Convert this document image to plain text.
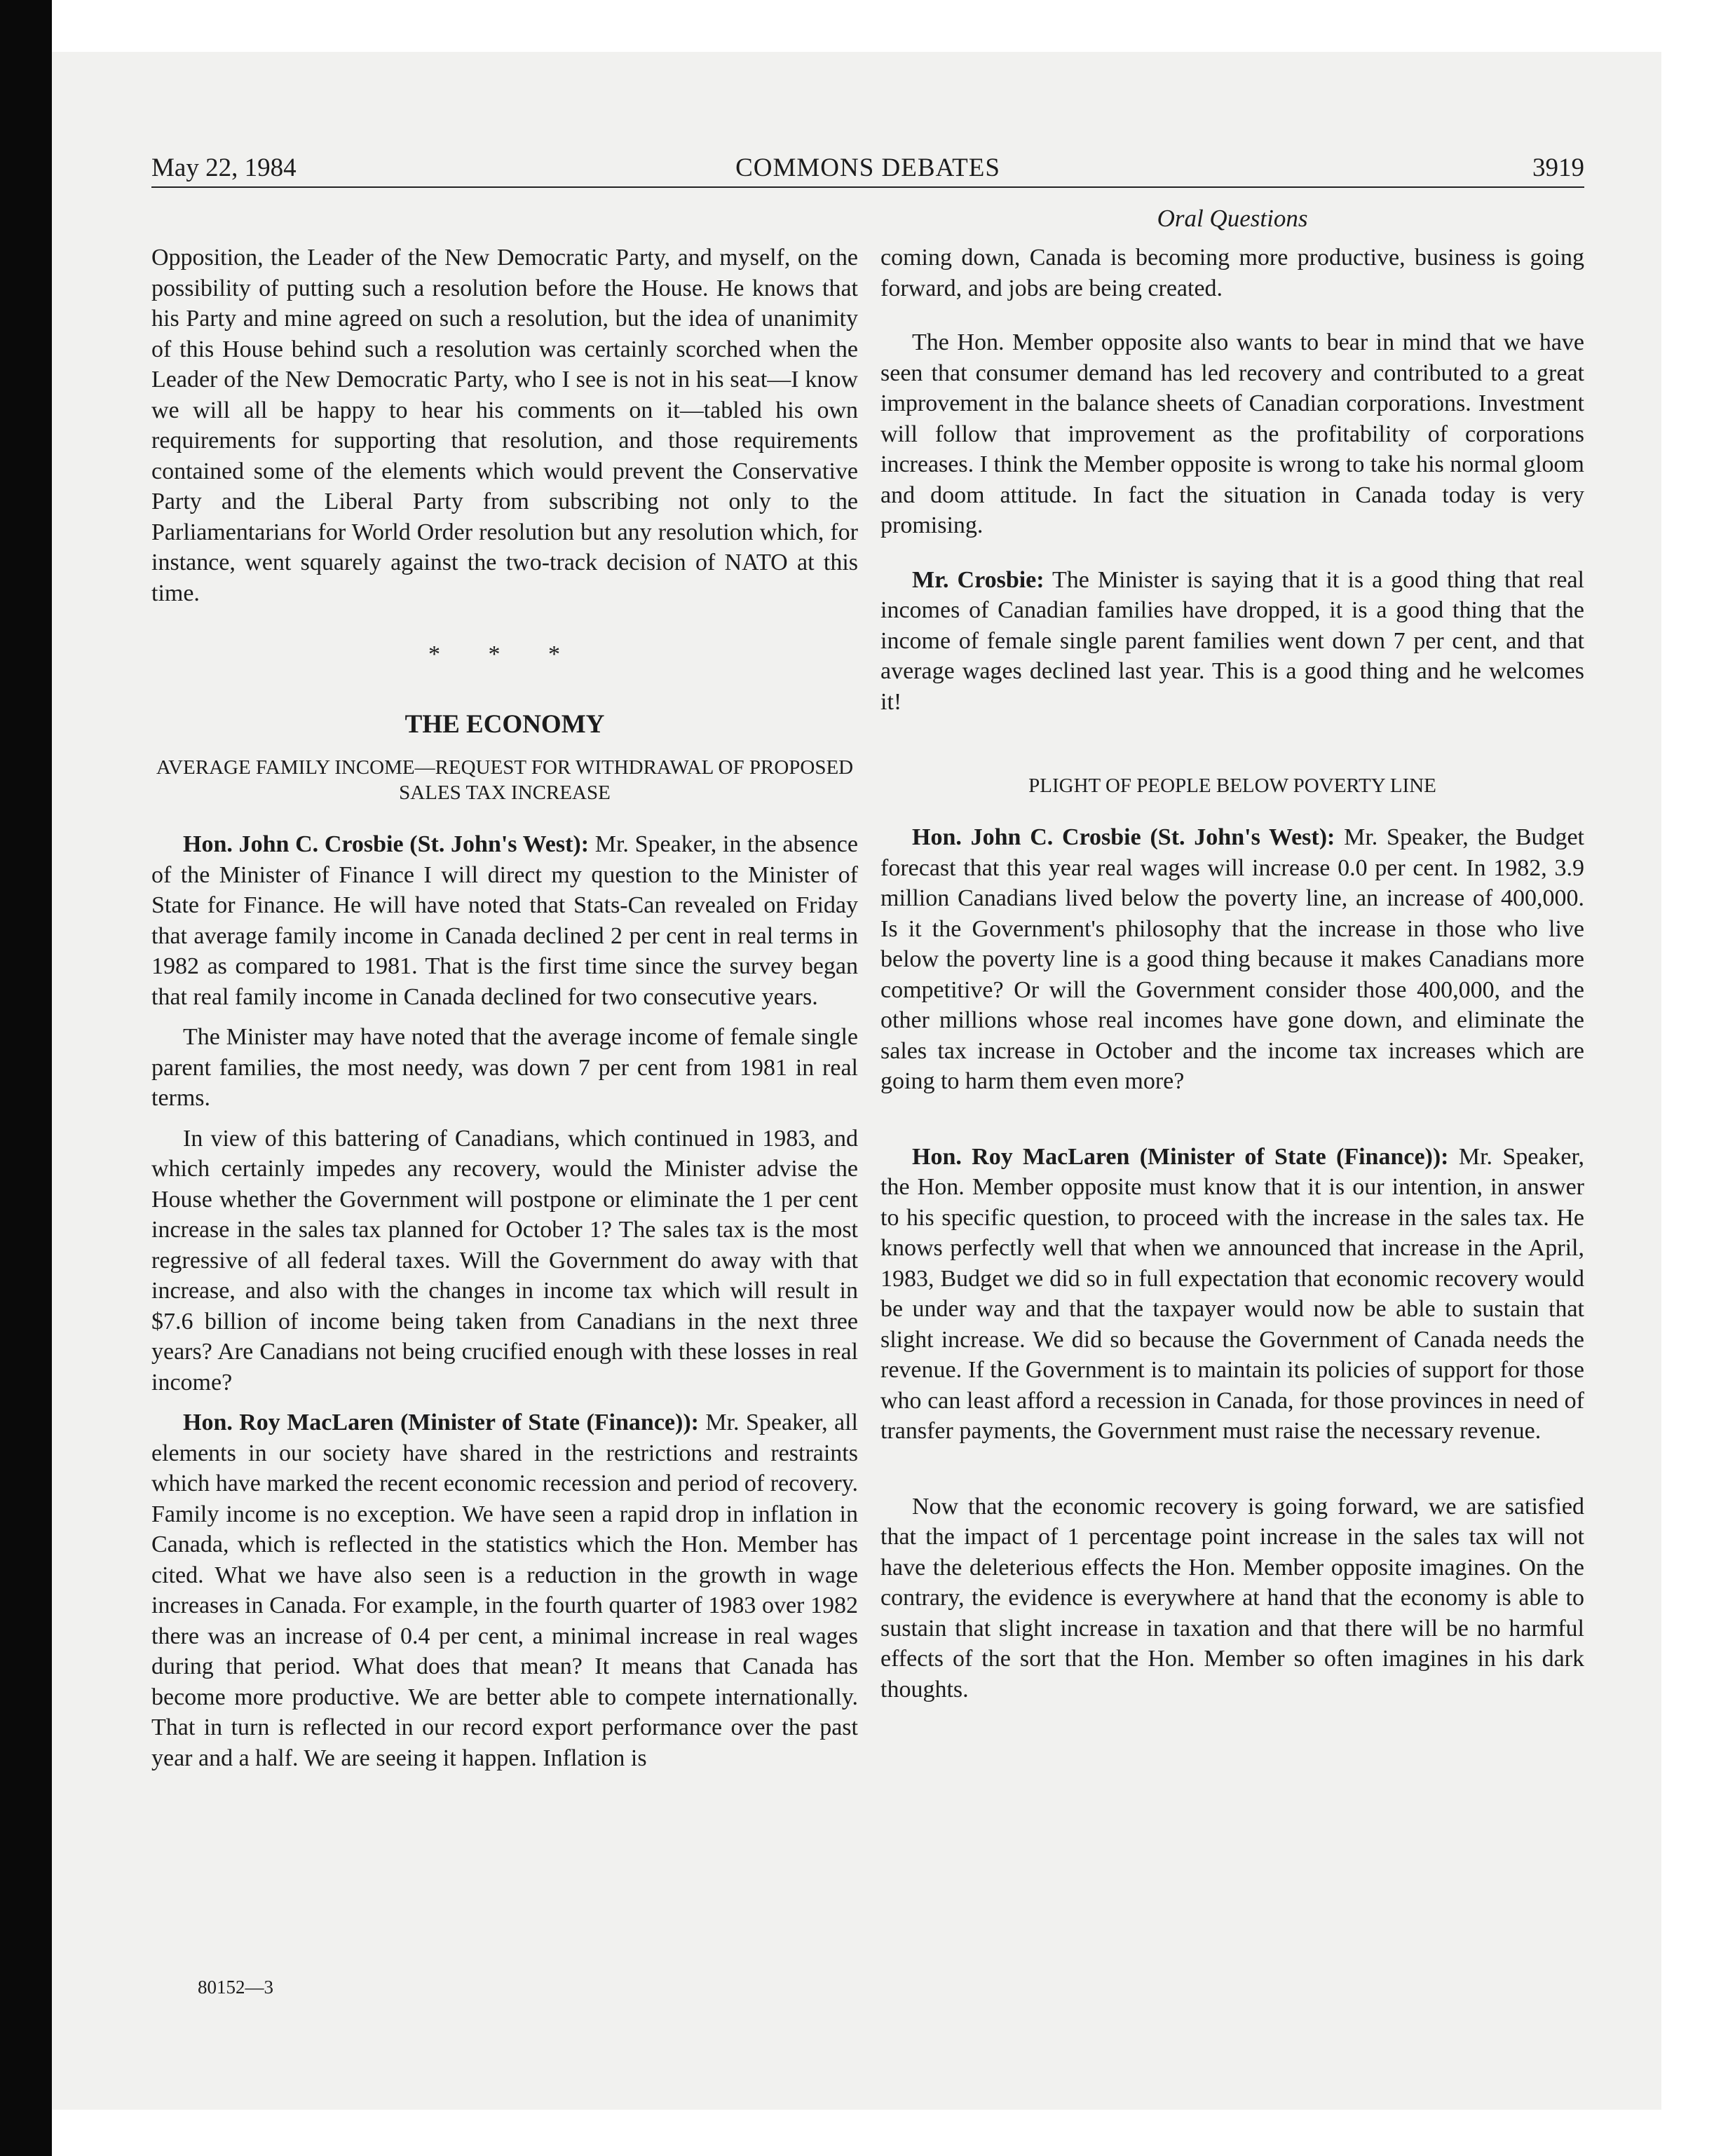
May 22, 1984	COMMONS DEBATES	3919
Oral Questions

Opposition, the Leader of the New Democratic Party, and myself, on the possibility of putting such a resolution before the House. He knows that his Party and mine agreed on such a resolution, but the idea of unanimity of this House behind such a resolution was certainly scorched when the Leader of the New Democratic Party, who I see is not in his seat—I know we will all be happy to hear his comments on it—tabled his own requirements for supporting that resolution, and those requirements contained some of the elements which would prevent the Conservative Party and the Liberal Party from subscribing not only to the Parliamentarians for World Order resolution but any resolution which, for instance, went squarely against the two-track decision of NATO at this time.

* * *

THE ECONOMY

AVERAGE FAMILY INCOME—REQUEST FOR WITHDRAWAL OF PROPOSED SALES TAX INCREASE

Hon. John C. Crosbie (St. John's West): Mr. Speaker, in the absence of the Minister of Finance I will direct my question to the Minister of State for Finance. He will have noted that Stats-Can revealed on Friday that average family income in Canada declined 2 per cent in real terms in 1982 as compared to 1981. That is the first time since the survey began that real family income in Canada declined for two consecutive years.

The Minister may have noted that the average income of female single parent families, the most needy, was down 7 per cent from 1981 in real terms.

In view of this battering of Canadians, which continued in 1983, and which certainly impedes any recovery, would the Minister advise the House whether the Government will postpone or eliminate the 1 per cent increase in the sales tax planned for October 1? The sales tax is the most regressive of all federal taxes. Will the Government do away with that increase, and also with the changes in income tax which will result in $7.6 billion of income being taken from Canadians in the next three years? Are Canadians not being crucified enough with these losses in real income?

Hon. Roy MacLaren (Minister of State (Finance)): Mr. Speaker, all elements in our society have shared in the restrictions and restraints which have marked the recent economic recession and period of recovery. Family income is no exception. We have seen a rapid drop in inflation in Canada, which is reflected in the statistics which the Hon. Member has cited. What we have also seen is a reduction in the growth in wage increases in Canada. For example, in the fourth quarter of 1983 over 1982 there was an increase of 0.4 per cent, a minimal increase in real wages during that period. What does that mean? It means that Canada has become more productive. We are better able to compete internationally. That in turn is reflected in our record export performance over the past year and a half. We are seeing it happen. Inflation is

coming down, Canada is becoming more productive, business is going forward, and jobs are being created.

The Hon. Member opposite also wants to bear in mind that we have seen that consumer demand has led recovery and contributed to a great improvement in the balance sheets of Canadian corporations. Investment will follow that improvement as the profitability of corporations increases. I think the Member opposite is wrong to take his normal gloom and doom attitude. In fact the situation in Canada today is very promising.

Mr. Crosbie: The Minister is saying that it is a good thing that real incomes of Canadian families have dropped, it is a good thing that the income of female single parent families went down 7 per cent, and that average wages declined last year. This is a good thing and he welcomes it!

PLIGHT OF PEOPLE BELOW POVERTY LINE

Hon. John C. Crosbie (St. John's West): Mr. Speaker, the Budget forecast that this year real wages will increase 0.0 per cent. In 1982, 3.9 million Canadians lived below the poverty line, an increase of 400,000. Is it the Government's philosophy that the increase in those who live below the poverty line is a good thing because it makes Canadians more competitive? Or will the Government consider those 400,000, and the other millions whose real incomes have gone down, and eliminate the sales tax increase in October and the income tax increases which are going to harm them even more?

Hon. Roy MacLaren (Minister of State (Finance)): Mr. Speaker, the Hon. Member opposite must know that it is our intention, in answer to his specific question, to proceed with the increase in the sales tax. He knows perfectly well that when we announced that increase in the April, 1983, Budget we did so in full expectation that economic recovery would be under way and that the taxpayer would now be able to sustain that slight increase. We did so because the Government of Canada needs the revenue. If the Government is to maintain its policies of support for those who can least afford a recession in Canada, for those provinces in need of transfer payments, the Government must raise the necessary revenue.

Now that the economic recovery is going forward, we are satisfied that the impact of 1 percentage point increase in the sales tax will not have the deleterious effects the Hon. Member opposite imagines. On the contrary, the evidence is everywhere at hand that the economy is able to sustain that slight increase in taxation and that there will be no harmful effects of the sort that the Hon. Member so often imagines in his dark thoughts.

80152—3
